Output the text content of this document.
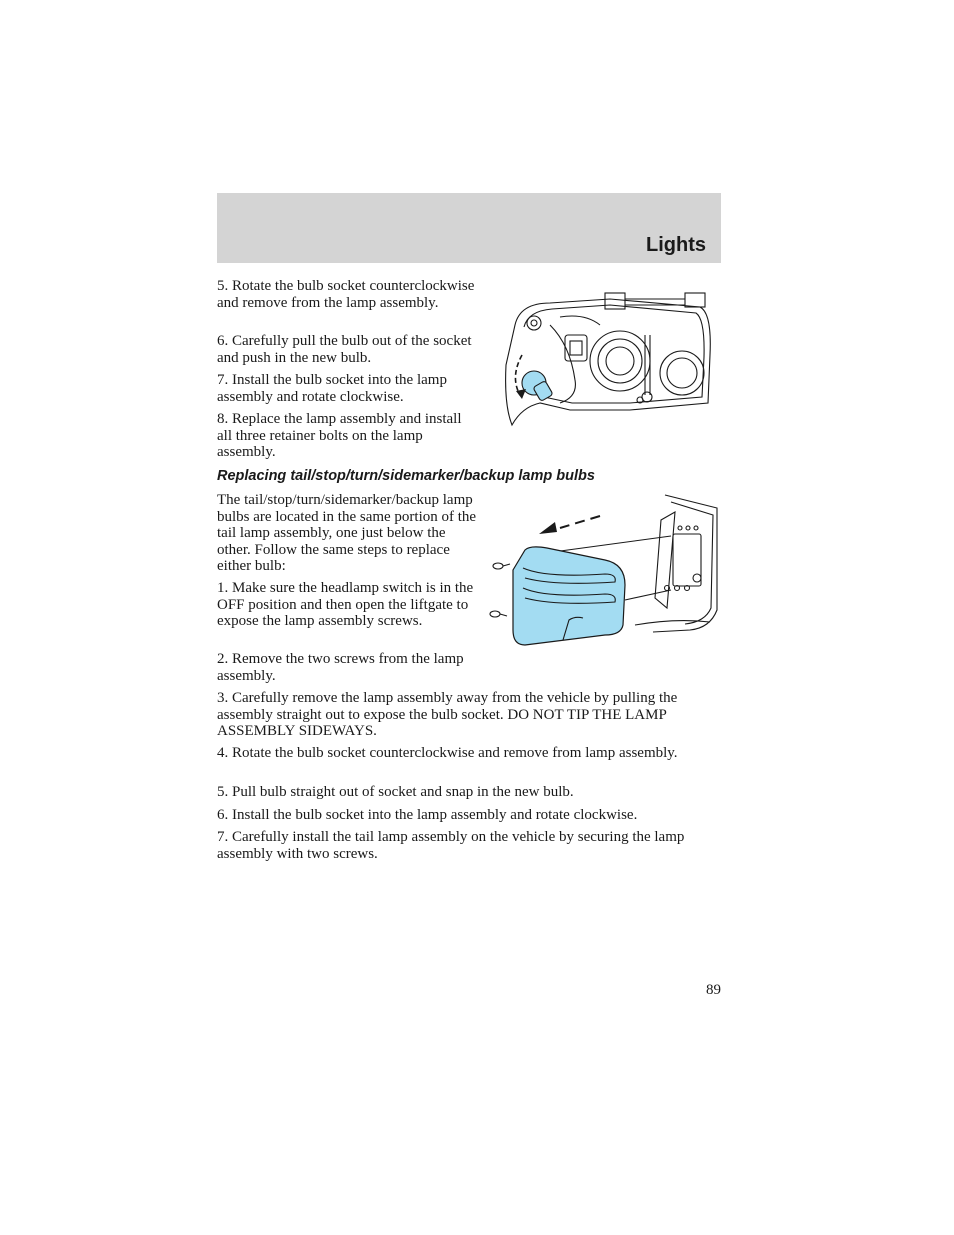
Lights

5. Rotate the bulb socket counterclockwise and remove from the lamp assembly.

6. Carefully pull the bulb out of the socket and push in the new bulb.

7. Install the bulb socket into the lamp assembly and rotate clockwise.

8. Replace the lamp assembly and install all three retainer bolts on the lamp assembly.

Replacing tail/stop/turn/sidemarker/backup lamp bulbs

The tail/stop/turn/sidemarker/backup lamp bulbs are located in the same portion of the tail lamp assembly, one just below the other. Follow the same steps to replace either bulb:

1. Make sure the headlamp switch is in the OFF position and then open the liftgate to expose the lamp assembly screws.

2. Remove the two screws from the lamp assembly.

3. Carefully remove the lamp assembly away from the vehicle by pulling the assembly straight out to expose the bulb socket. DO NOT TIP THE LAMP ASSEMBLY SIDEWAYS.

4. Rotate the bulb socket counterclockwise and remove from lamp assembly.

5. Pull bulb straight out of socket and snap in the new bulb.

6. Install the bulb socket into the lamp assembly and rotate clockwise.

7. Carefully install the tail lamp assembly on the vehicle by securing the lamp assembly with two screws.

89
